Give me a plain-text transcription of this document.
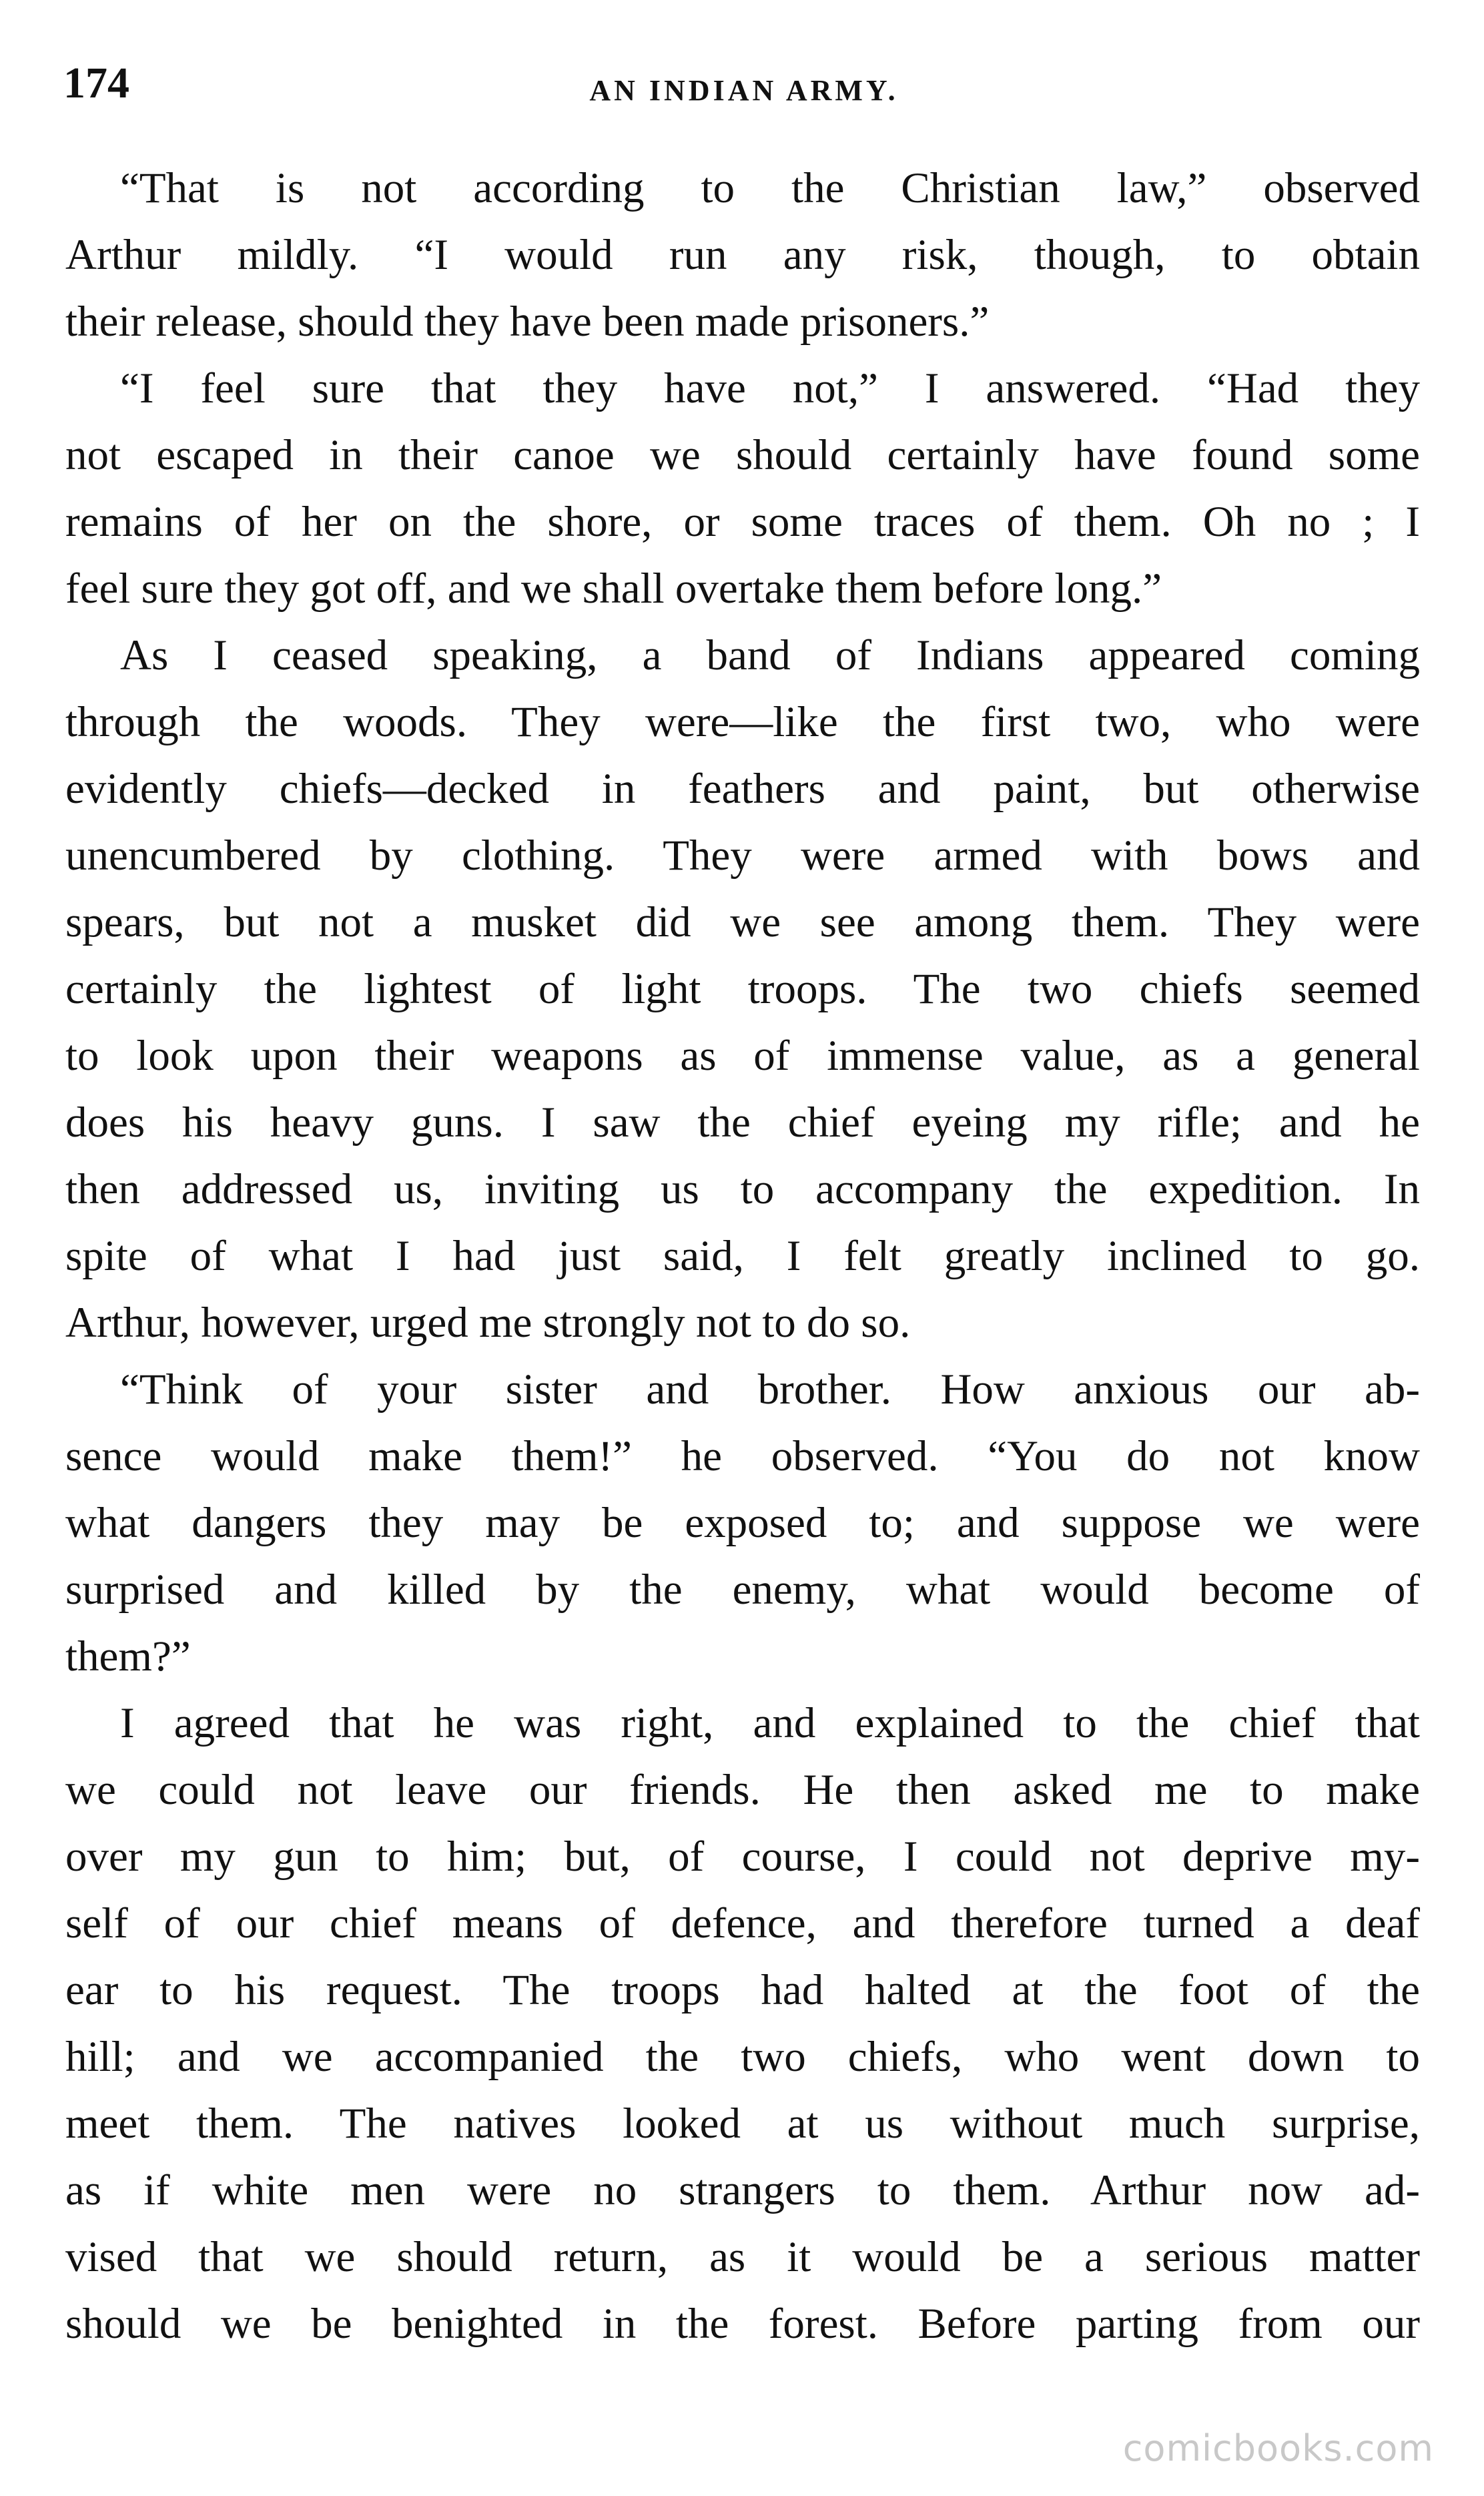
174	AN INDIAN ARMY.
“That is not according to the Christian law,” observed
Arthur mildly. “I would run any risk, though, to obtain
their release, should they have been made prisoners.”
“I feel sure that they have not,” I answered. “Had they
not escaped in their canoe we should certainly have found some
remains of her on the shore, or some traces of them. Oh no ; I
feel sure they got off, and we shall overtake them before long.”
As I ceased speaking, a band of Indians appeared coming
through the woods. They were—like the first two, who were
evidently chiefs—decked in feathers and paint, but otherwise
unencumbered by clothing. They were armed with bows and
spears, but not a musket did we see among them. They were
certainly the lightest of light troops. The two chiefs seemed
to look upon their weapons as of immense value, as a general
does his heavy guns. I saw the chief eyeing my rifle; and he
then addressed us, inviting us to accompany the expedition. In
spite of what I had just said, I felt greatly inclined to go.
Arthur, however, urged me strongly not to do so.
“Think of your sister and brother. How anxious our ab-
sence would make them!” he observed. “You do not know
what dangers they may be exposed to; and suppose we were
surprised and killed by the enemy, what would become of
them?”
I agreed that he was right, and explained to the chief that
we could not leave our friends. He then asked me to make
over my gun to him; but, of course, I could not deprive my-
self of our chief means of defence, and therefore turned a deaf
ear to his request. The troops had halted at the foot of the
hill; and we accompanied the two chiefs, who went down to
meet them. The natives looked at us without much surprise,
as if white men were no strangers to them. Arthur now ad-
vised that we should return, as it would be a serious matter
should we be benighted in the forest. Before parting from our
comicbooks.com
